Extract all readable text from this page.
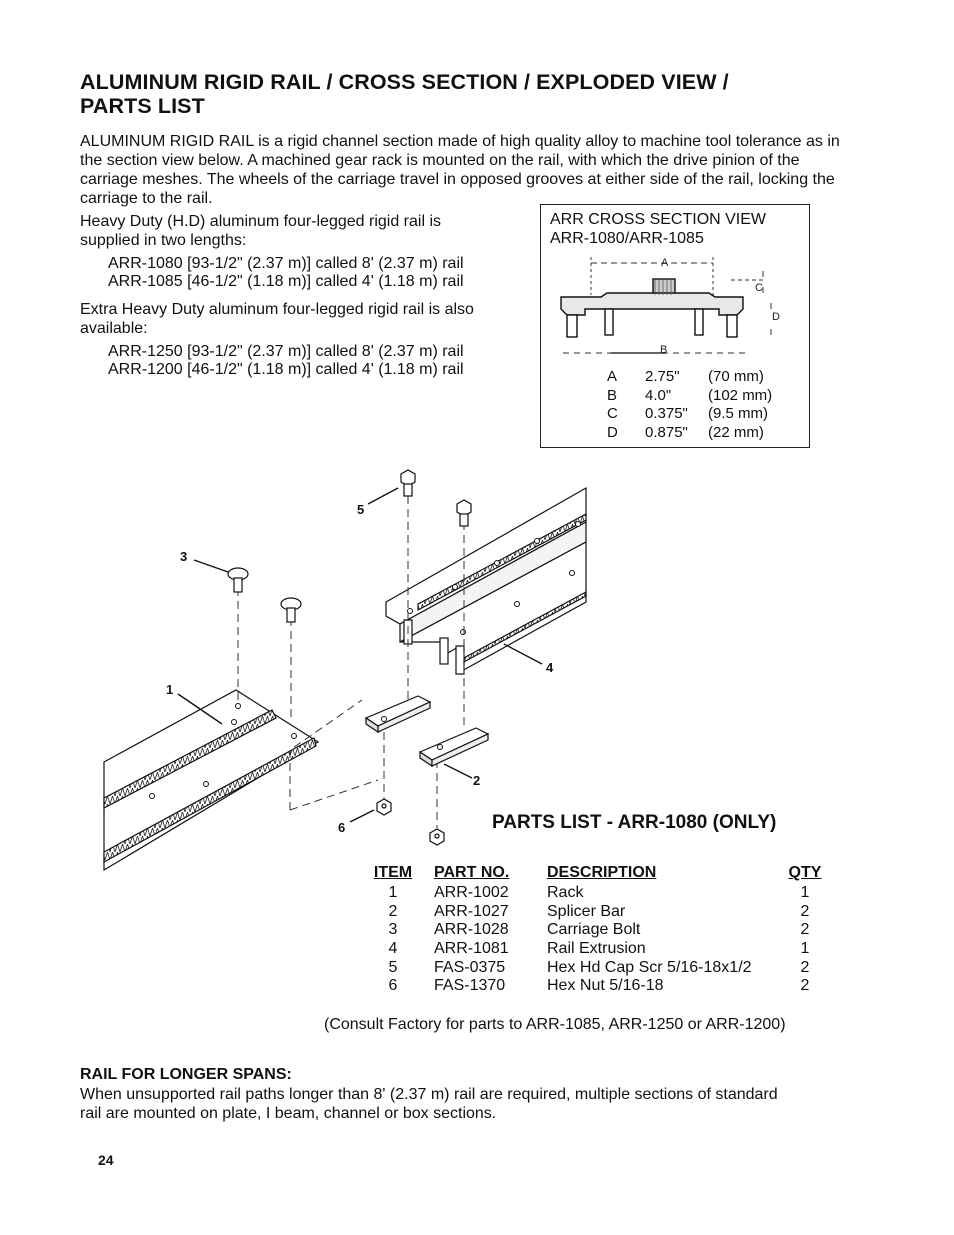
ALUMINUM RIGID RAIL / CROSS SECTION / EXPLODED VIEW /
PARTS LIST
ALUMINUM RIGID RAIL is a rigid channel section made of high quality alloy to machine tool tolerance as in the section view below. A machined gear rack is mounted on the rail, with which the drive pinion of the carriage meshes. The wheels of the carriage travel in opposed grooves at either side of the rail, locking the carriage to the rail.
Heavy Duty (H.D) aluminum four-legged rigid rail is supplied in two lengths:
ARR-1080 [93-1/2" (2.37 m)] called 8' (2.37 m) rail
ARR-1085 [46-1/2" (1.18 m)] called 4' (1.18 m) rail
Extra Heavy Duty aluminum four-legged rigid rail is also available:
ARR-1250 [93-1/2" (2.37 m)] called 8' (2.37 m) rail
ARR-1200 [46-1/2" (1.18 m)] called 4' (1.18 m) rail
ARR CROSS SECTION VIEW
ARR-1080/ARR-1085
A
C
D
B
A	2.75"	(70 mm)
B	4.0"	(102 mm)
C	0.375"	(9.5 mm)
D	0.875"	(22 mm)
3
1
5
4
2
6	PARTS LIST - ARR-1080 (ONLY)
ITEM	PART NO.	DESCRIPTION	QTY
1	ARR-1002	Rack	1
2	ARR-1027	Splicer Bar	2
3	ARR-1028	Carriage Bolt	2
4	ARR-1081	Rail Extrusion	1
5	FAS-0375	Hex Hd Cap Scr 5/16-18x1/2	2
6	FAS-1370	Hex Nut 5/16-18	2
(Consult Factory for parts to ARR-1085, ARR-1250 or ARR-1200)
RAIL FOR LONGER SPANS:
When unsupported rail paths longer than 8' (2.37 m) rail are required, multiple sections of standard rail are mounted on plate, I beam, channel or box sections.
24
